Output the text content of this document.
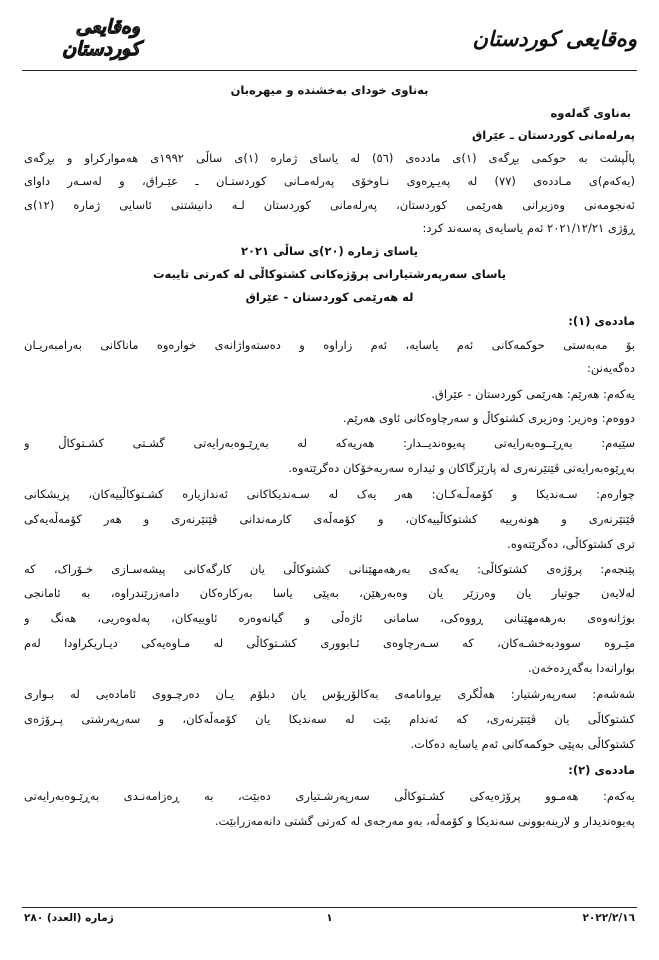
وەقایعی کوردستان
وەقایعی کوردستان
بەناوی خودای بەخشندە و میهرەبان
بەناوی گەلەوە
پەرلەمانی کوردستان ـ عێراق
پاڵپشت بە حوکمی بڕگەی (١)ی ماددەی (٥٦) لە یاسای ژمارە (١)ی ساڵی ١٩٩٢ی هەموارکراو و بڕگەی
(یەکەم)ی مـاددەی (٧٧) لە پەیـڕەوی نـاوخۆی پەرلەمـانی کوردستـان ـ عێـراق، و لەسـەر داوای
ئەنجومەنی وەزیرانی هەرێمی کوردستان، پەرلەمانی کوردستان لـە دانیشتنی ئاسایی ژمارە (١٢)ی
ڕۆژی ٢٠٢١/١٢/٢١ ئەم یاسایەی پەسەند کرد:
یاسای ژمارە (٢٠)ی ساڵی ٢٠٢١
یاسای سەرپەرشتیارانی پرۆژەکانی کشتوکاڵی لە کەرتی تایبەت
لە هەرێمی کوردستان - عێراق
ماددەی (١):
بۆ مەبەستی حوکمەکانی ئەم یاسایە، ئەم زاراوە و دەستەواژانەی خوارەوە ماناکانی بەرامبەریـان
دەگەیەنن:
یەکەم: هەرێم: هەرێمی کوردستان - عێراق.
دووەم: وەزیر: وەزیری کشتوکاڵ و سەرچاوەکانی ئاوی هەرێم.
سێیەم: بەڕێــوەبەرایەتی پەیوەندیــدار: هەریەکە لە بەڕێـوەبەرایەتی گشـتی کشـتوکاڵ و
بەڕێوەبەرایەتی ڤێتێرنەری لە پارێزگاکان و ئیدارە سەربەخۆکان دەگرێتەوە.
چوارەم: سـەندیکا و کۆمەڵـەکـان: هەر یەک لە سـەندیکاکانی ئەندازیارە کشـتوکاڵییەکان، پزیشکانی
ڤێتێرنەری و هونەرییە کشتوکاڵییەکان، و کۆمەڵەی کارمەندانی ڤێتێرنەری و هەر کۆمەڵەیەکی
تری کشتوکاڵی، دەگرێتەوە.
پێنجەم: پرۆژەی کشتوکاڵی: یەکەی بەرهەمهێنانی کشتوکاڵی یان کارگەکانی پیشەسـازی خـۆراک، کە
لەلایەن جوتیار یان وەرزێر یان وەبەرهێن، بەپێی یاسا بەرکارەکان دامەزرێندراوە، بە ئامانجی
بوژانەوەی بەرهەمهێنانی ڕووەکی، سامانی ئاژەڵی و گیانەوەرە ئاوییەکان، پەلەوەریی، هەنگ و
مێـروە سوودبەخشـەکان، کە سـەرچاوەی ئـابووری کشـتوکاڵی لە مـاوەیەکی دیـاریکراودا لەم
بوارانەدا بەگەڕدەخەن.
شەشەم: سەرپەرشتیار: هەڵگری بڕوانامەی بەکالۆریۆس یان دبلۆم یـان دەرچـووی ئامادەیی لە بـواری
کشتوکاڵی یان ڤێتێرنەری، کە ئەندام بێت لە سەندیکا یان کۆمەڵەکان، و سەرپەرشتی پـرۆژەی
کشتوکاڵی بەپێی حوکمەکانی ئەم یاسایە دەکات.
ماددەی (٢):
یەکەم: هەمـوو پرۆژەیەکی کشـتوکاڵی سەرپەرشـتیاری دەبێت، بە ڕەزامەنـدی بەڕێـوەبەرایەتی
پەیوەندیدار و لارینەبوونی سەندیکا و کۆمەڵە، بەو مەرجەی لە کەرتی گشتی دانەمەزرابێت.
٢٠٢٢/٢/١٦
١
ژمارە (العدد) ٢٨٠
